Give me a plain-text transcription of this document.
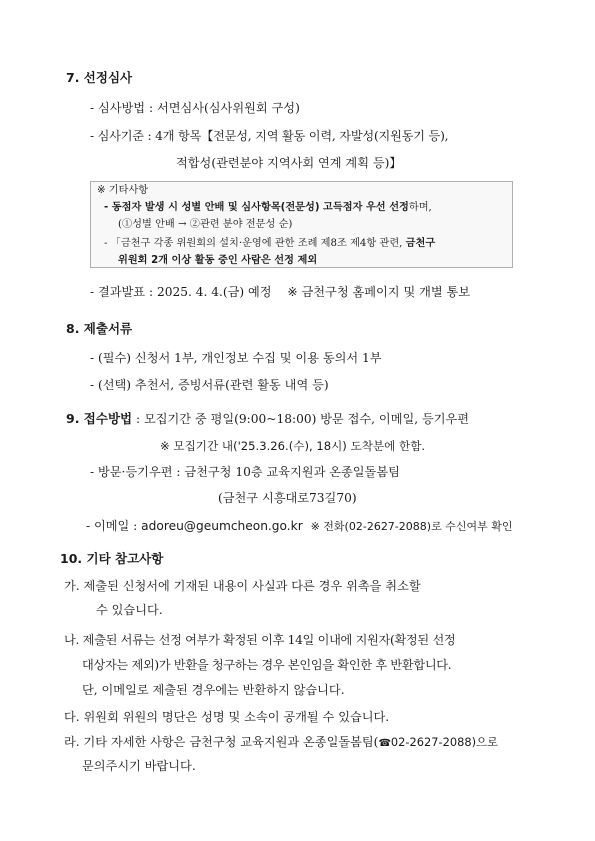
7. 선정심사
- 심사방법 : 서면심사(심사위원회 구성)
- 심사기준 : 4개 항목【전문성, 지역 활동 이력, 자발성(지원동기 등),
적합성(관련분야 지역사회 연계 계획 등)】
※ 기타사항
- 동점자 발생 시 성별 안배 및 심사항목(전문성) 고득점자 우선 선정하며,
(①성별 안배 → ②관련 분야 전문성 순)
- 「금천구 각종 위원회의 설치·운영에 관한 조례 제8조 제4항 관련, 금천구
위원회 2개 이상 활동 중인 사람은 선정 제외
- 결과발표 : 2025. 4. 4.(금) 예정 ※ 금천구청 홈페이지 및 개별 통보
8. 제출서류
- (필수) 신청서 1부, 개인정보 수집 및 이용 동의서 1부
- (선택) 추천서, 증빙서류(관련 활동 내역 등)
9. 접수방법 : 모집기간 중 평일(9:00~18:00) 방문 접수, 이메일, 등기우편
※ 모집기간 내('25.3.26.(수), 18시) 도착분에 한함.
- 방문·등기우편 : 금천구청 10층 교육지원과 온종일돌봄팀
(금천구 시흥대로73길70)
- 이메일 : adoreu@geumcheon.go.kr ※ 전화(02-2627-2088)로 수신여부 확인
10. 기타 참고사항
가. 제출된 신청서에 기재된 내용이 사실과 다른 경우 위촉을 취소할
수 있습니다.
나. 제출된 서류는 선정 여부가 확정된 이후 14일 이내에 지원자(확정된 선정
대상자는 제외)가 반환을 청구하는 경우 본인임을 확인한 후 반환합니다.
단, 이메일로 제출된 경우에는 반환하지 않습니다.
다. 위원회 위원의 명단은 성명 및 소속이 공개될 수 있습니다.
라. 기타 자세한 사항은 금천구청 교육지원과 온종일돌봄팀(☎02-2627-2088)으로
문의주시기 바랍니다.
